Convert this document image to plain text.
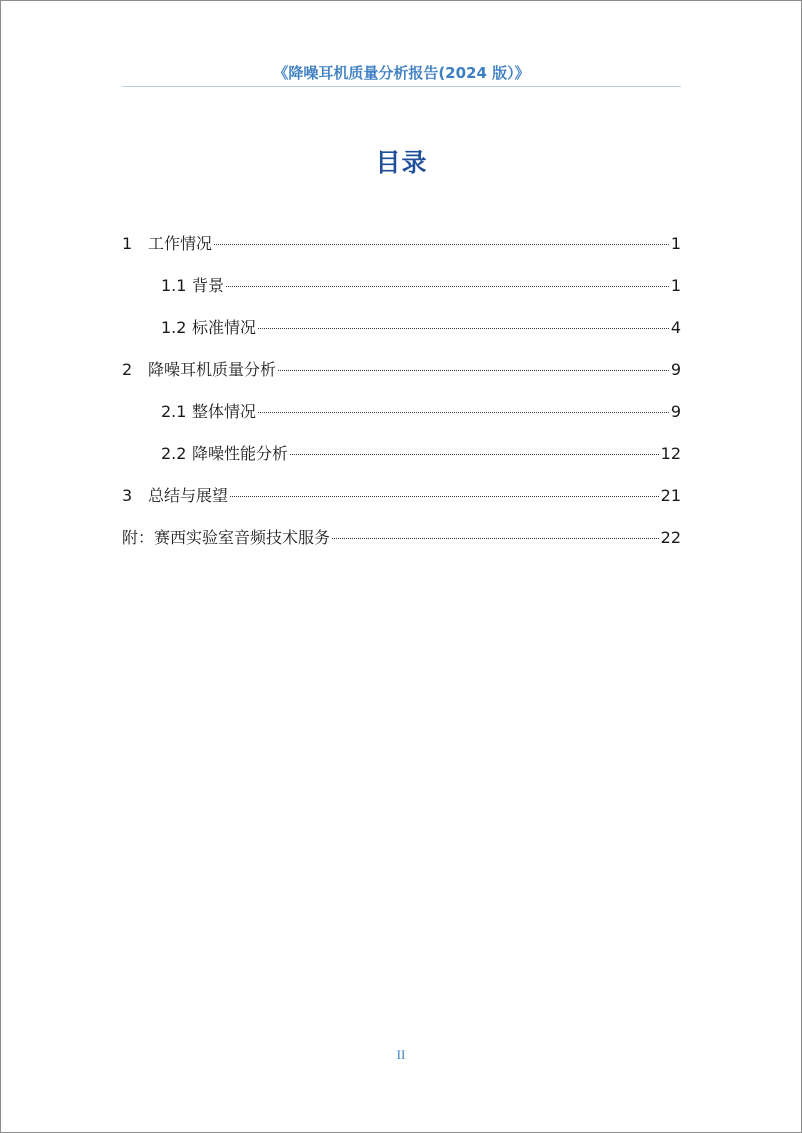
《降噪耳机质量分析报告(2024 版）》
目录
1 工作情况	1
1.1 背景	1
1.2 标准情况	4
2 降噪耳机质量分析	9
2.1 整体情况	9
2.2 降噪性能分析	12
3 总结与展望	21
附：赛西实验室音频技术服务	22
II
